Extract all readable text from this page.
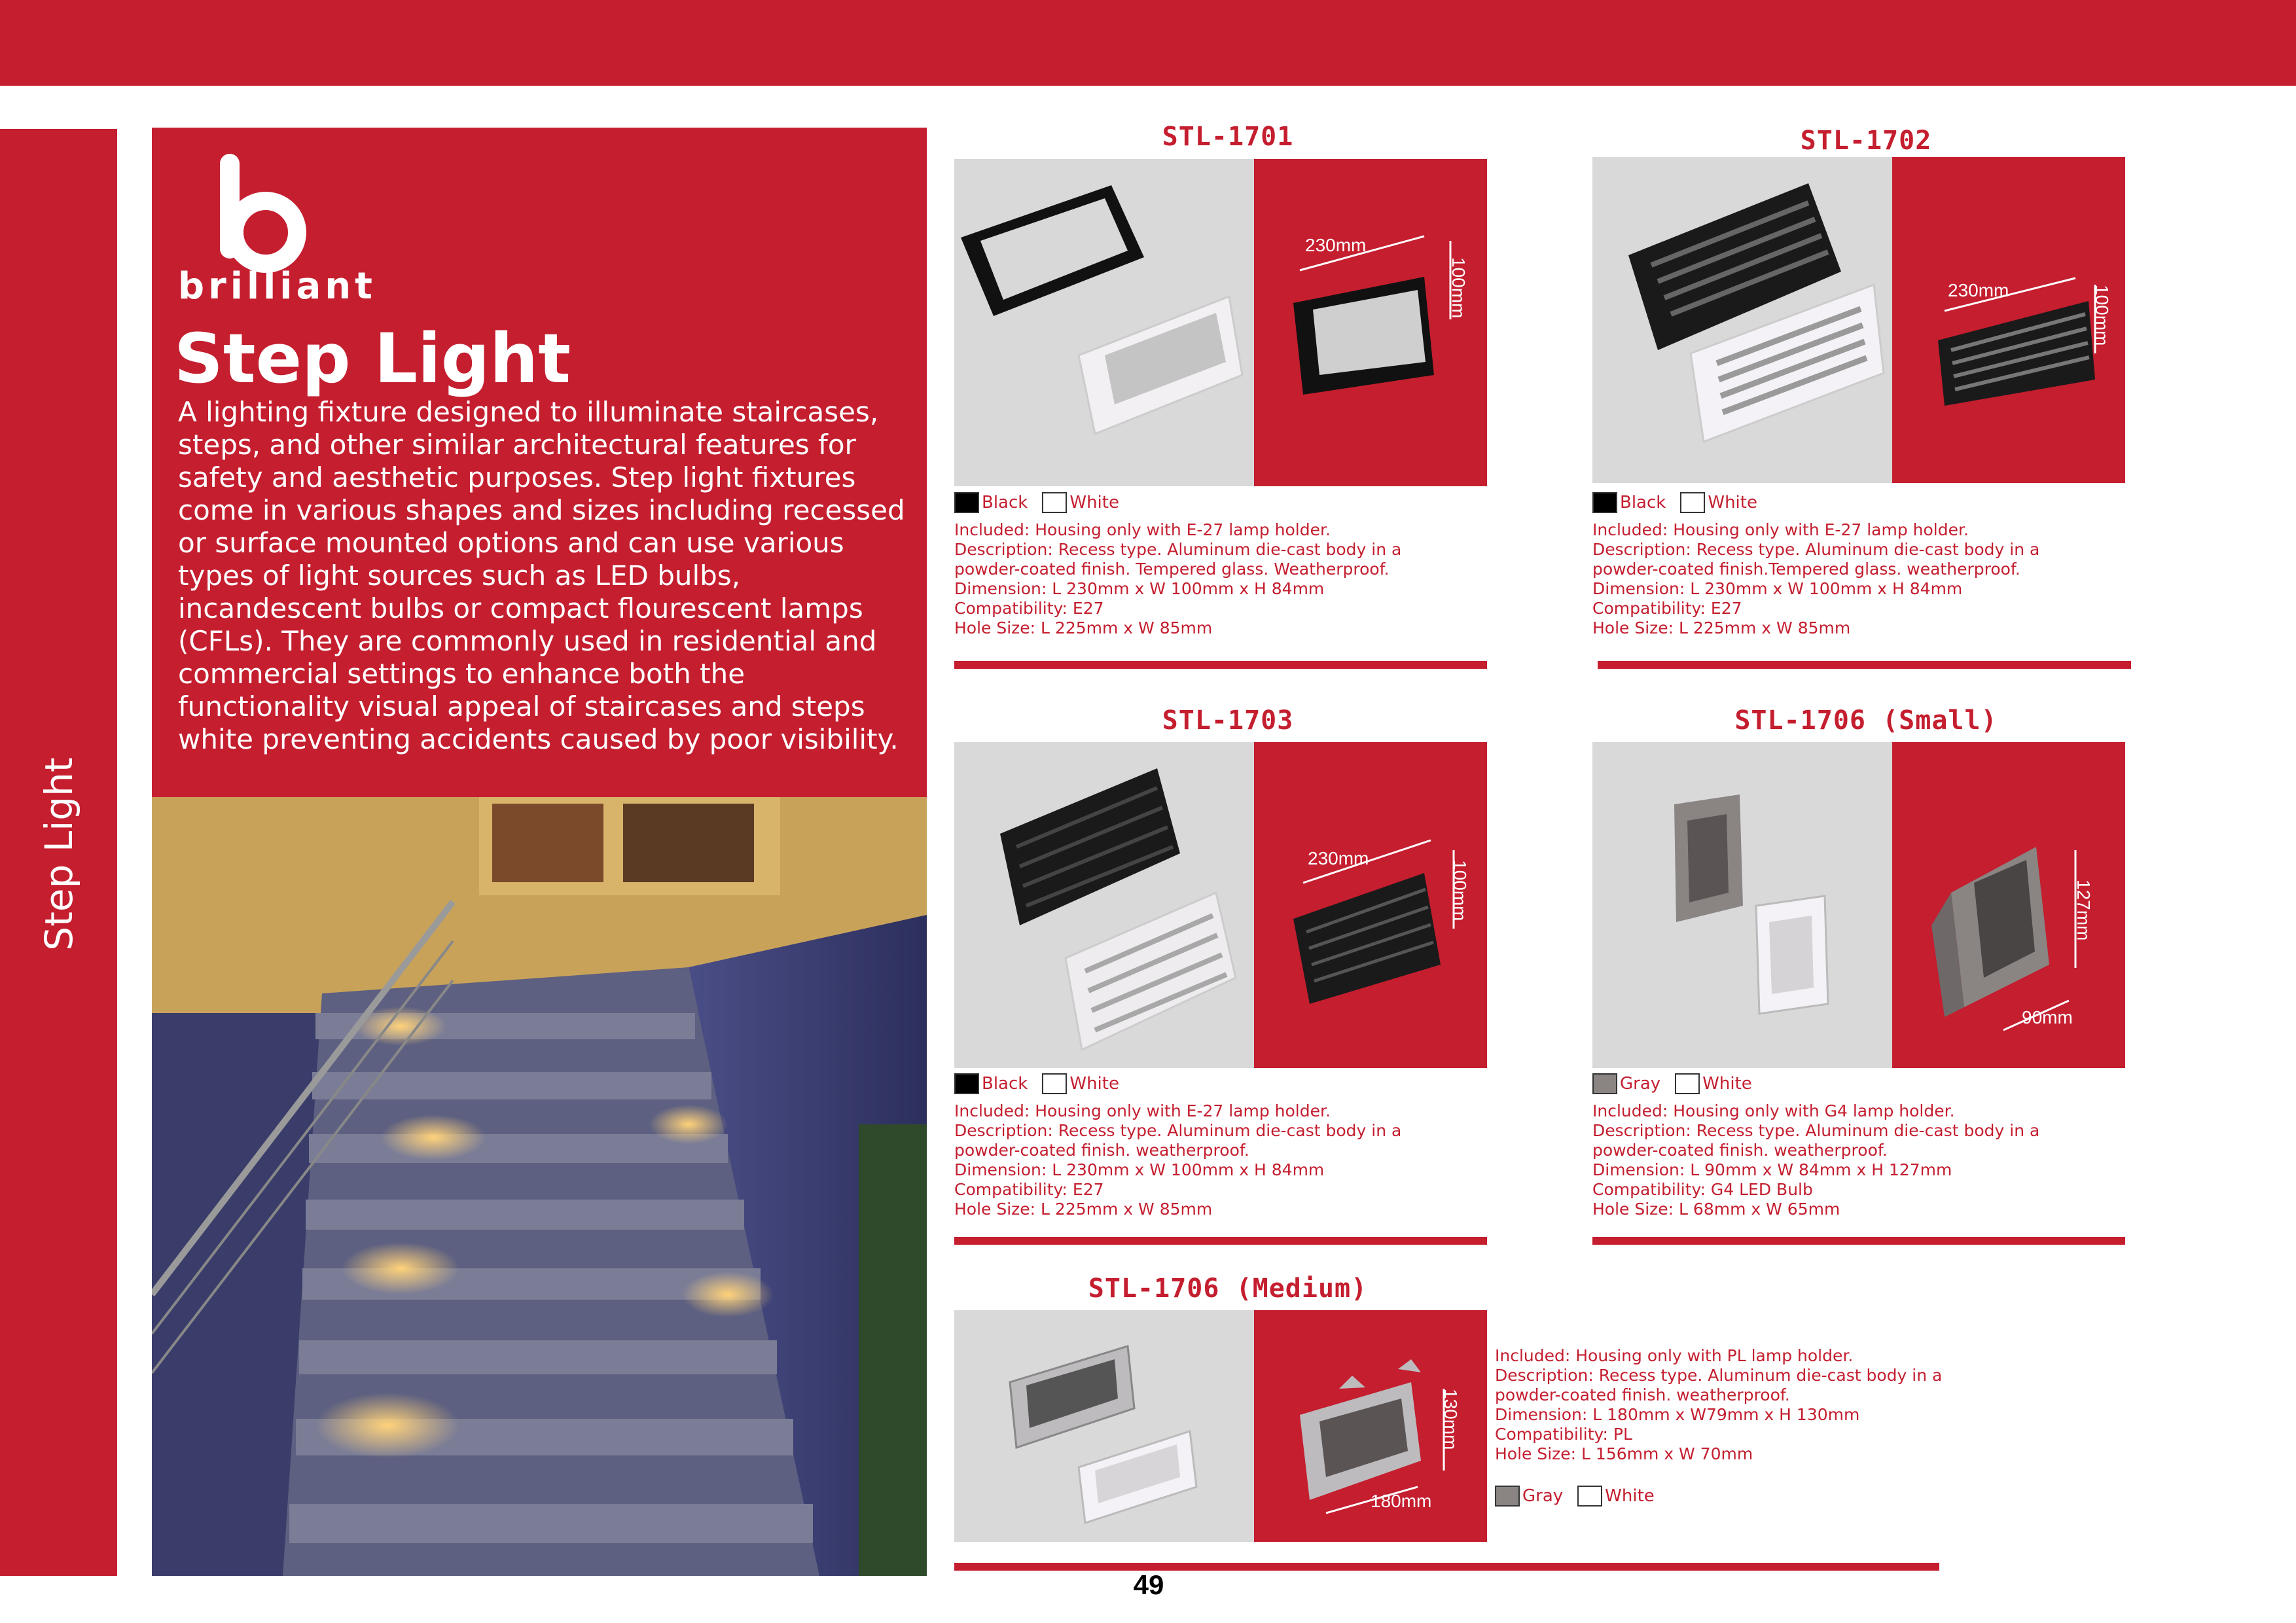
Step Light
brilliant
Step Light
A lighting fixture designed to illuminate staircases, steps, and other similar architectural features for safety and aesthetic purposes. Step light fixtures come in various shapes and sizes including recessed or surface mounted options and can use various types of light sources such as LED bulbs, incandescent bulbs or compact flourescent lamps (CFLs). They are commonly used in residential and commercial settings to enhance both the functionality visual appeal of staircases and steps white preventing accidents caused by poor visibility.
STL-1701
230mm
100mm
Black White
Included: Housing only with E-27 lamp holder.
Description: Recess type. Aluminum die-cast body in a
powder-coated finish. Tempered glass. Weatherproof.
Dimension: L 230mm x W 100mm x H 84mm
Compatibility: E27
Hole Size: L 225mm x W 85mm
STL-1702
230mm	100mm
Black White
Included: Housing only with E-27 lamp holder.
Description: Recess type. Aluminum die-cast body in a
powder-coated finish.Tempered glass. weatherproof.
Dimension: L 230mm x W 100mm x H 84mm
Compatibility: E27
Hole Size: L 225mm x W 85mm
STL-1703
230mm
100mm
Black White
Included: Housing only with E-27 lamp holder.
Description: Recess type. Aluminum die-cast body in a
powder-coated finish. weatherproof.
Dimension: L 230mm x W 100mm x H 84mm
Compatibility: E27
Hole Size: L 225mm x W 85mm
STL-1706 (Small)
127mm
90mm
Gray White
Included: Housing only with G4 lamp holder.
Description: Recess type. Aluminum die-cast body in a
powder-coated finish. weatherproof.
Dimension: L 90mm x W 84mm x H 127mm
Compatibility: G4 LED Bulb
Hole Size: L 68mm x W 65mm
STL-1706 (Medium)
130mm
180mm
Included: Housing only with PL lamp holder.
Description: Recess type. Aluminum die-cast body in a
powder-coated finish. weatherproof.
Dimension: L 180mm x W79mm x H 130mm
Compatibility: PL
Hole Size: L 156mm x W 70mm
Gray White
49
